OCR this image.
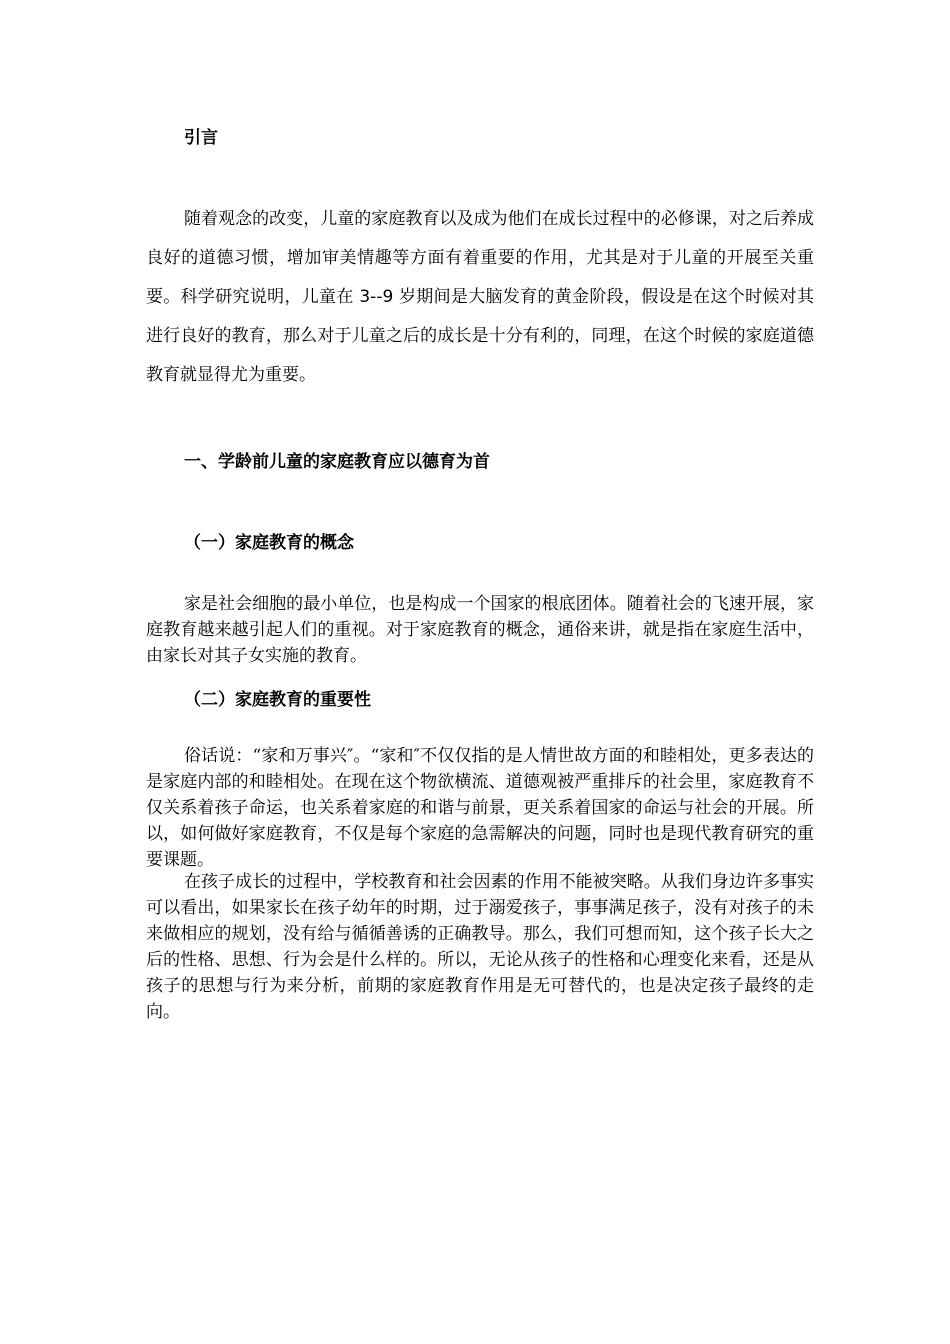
引言

随着观念的改变，儿童的家庭教育以及成为他们在成长过程中的必修课，对之后养成良好的道德习惯，增加审美情趣等方面有着重要的作用，尤其是对于儿童的开展至关重要。科学研究说明，儿童在 3--9 岁期间是大脑发育的黄金阶段，假设是在这个时候对其进行良好的教育，那么对于儿童之后的成长是十分有利的，同理，在这个时候的家庭道德教育就显得尤为重要。

一、学龄前儿童的家庭教育应以德育为首
（一）家庭教育的概念

家是社会细胞的最小单位，也是构成一个国家的根底团体。随着社会的飞速开展，家庭教育越来越引起人们的重视。对于家庭教育的概念，通俗来讲，就是指在家庭生活中，由家长对其子女实施的教育。

（二）家庭教育的重要性

俗话说：“家和万事兴″。“家和″不仅仅指的是人情世故方面的和睦相处，更多表达的是家庭内部的和睦相处。在现在这个物欲横流、道德观被严重排斥的社会里，家庭教育不仅关系着孩子命运，也关系着家庭的和谐与前景，更关系着国家的命运与社会的开展。所以，如何做好家庭教育，不仅是每个家庭的急需解决的问题，同时也是现代教育研究的重要课题。

在孩子成长的过程中，学校教育和社会因素的作用不能被突略。从我们身边许多事实可以看出，如果家长在孩子幼年的时期，过于溺爱孩子，事事满足孩子，没有对孩子的未来做相应的规划，没有给与循循善诱的正确教导。那么，我们可想而知，这个孩子长大之后的性格、思想、行为会是什么样的。所以，无论从孩子的性格和心理变化来看，还是从孩子的思想与行为来分析，前期的家庭教育作用是无可替代的，也是决定孩子最终的走向。
